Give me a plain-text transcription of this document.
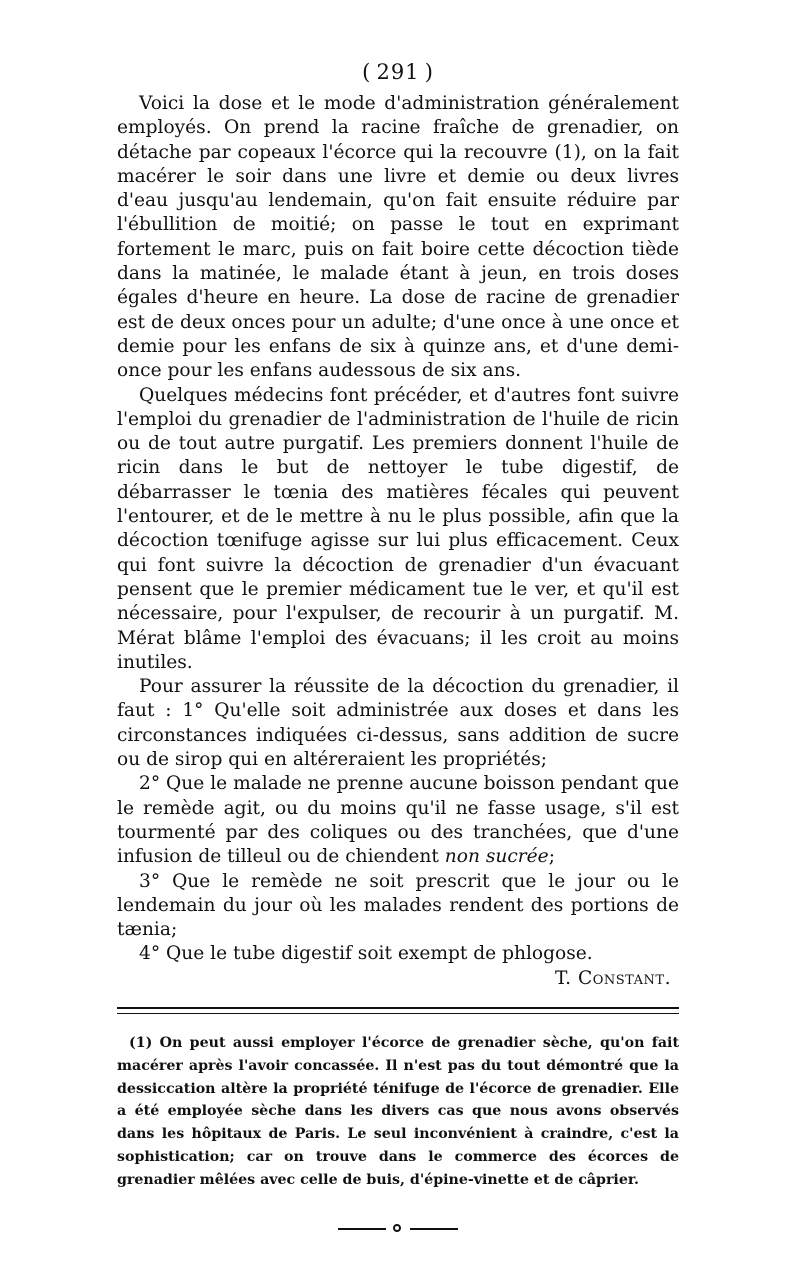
( 291 )

Voici la dose et le mode d'administration généralement employés. On prend la racine fraîche de grenadier, on détache par copeaux l'écorce qui la recouvre (1), on la fait macérer le soir dans une livre et demie ou deux livres d'eau jusqu'au lendemain, qu'on fait ensuite réduire par l'ébullition de moitié; on passe le tout en exprimant fortement le marc, puis on fait boire cette décoction tiède dans la matinée, le malade étant à jeun, en trois doses égales d'heure en heure. La dose de racine de grenadier est de deux onces pour un adulte; d'une once à une once et demie pour les enfans de six à quinze ans, et d'une demi-once pour les enfans audessous de six ans.

Quelques médecins font précéder, et d'autres font suivre l'emploi du grenadier de l'administration de l'huile de ricin ou de tout autre purgatif. Les premiers donnent l'huile de ricin dans le but de nettoyer le tube digestif, de débarrasser le tœnia des matières fécales qui peuvent l'entourer, et de le mettre à nu le plus possible, afin que la décoction tœnifuge agisse sur lui plus efficacement. Ceux qui font suivre la décoction de grenadier d'un évacuant pensent que le premier médicament tue le ver, et qu'il est nécessaire, pour l'expulser, de recourir à un purgatif. M. Mérat blâme l'emploi des évacuans; il les croit au moins inutiles.

Pour assurer la réussite de la décoction du grenadier, il faut : 1° Qu'elle soit administrée aux doses et dans les circonstances indiquées ci-dessus, sans addition de sucre ou de sirop qui en altéreraient les propriétés;

2° Que le malade ne prenne aucune boisson pendant que le remède agit, ou du moins qu'il ne fasse usage, s'il est tourmenté par des coliques ou des tranchées, que d'une infusion de tilleul ou de chiendent non sucrée;

3° Que le remède ne soit prescrit que le jour ou le lendemain du jour où les malades rendent des portions de tænia;

4° Que le tube digestif soit exempt de phlogose.

T. Constant.

(1) On peut aussi employer l'écorce de grenadier sèche, qu'on fait macérer après l'avoir concassée. Il n'est pas du tout démontré que la dessiccation altère la propriété ténifuge de l'écorce de grenadier. Elle a été employée sèche dans les divers cas que nous avons observés dans les hôpitaux de Paris. Le seul inconvénient à craindre, c'est la sophistication; car on trouve dans le commerce des écorces de grenadier mêlées avec celle de buis, d'épine-vinette et de câprier.
